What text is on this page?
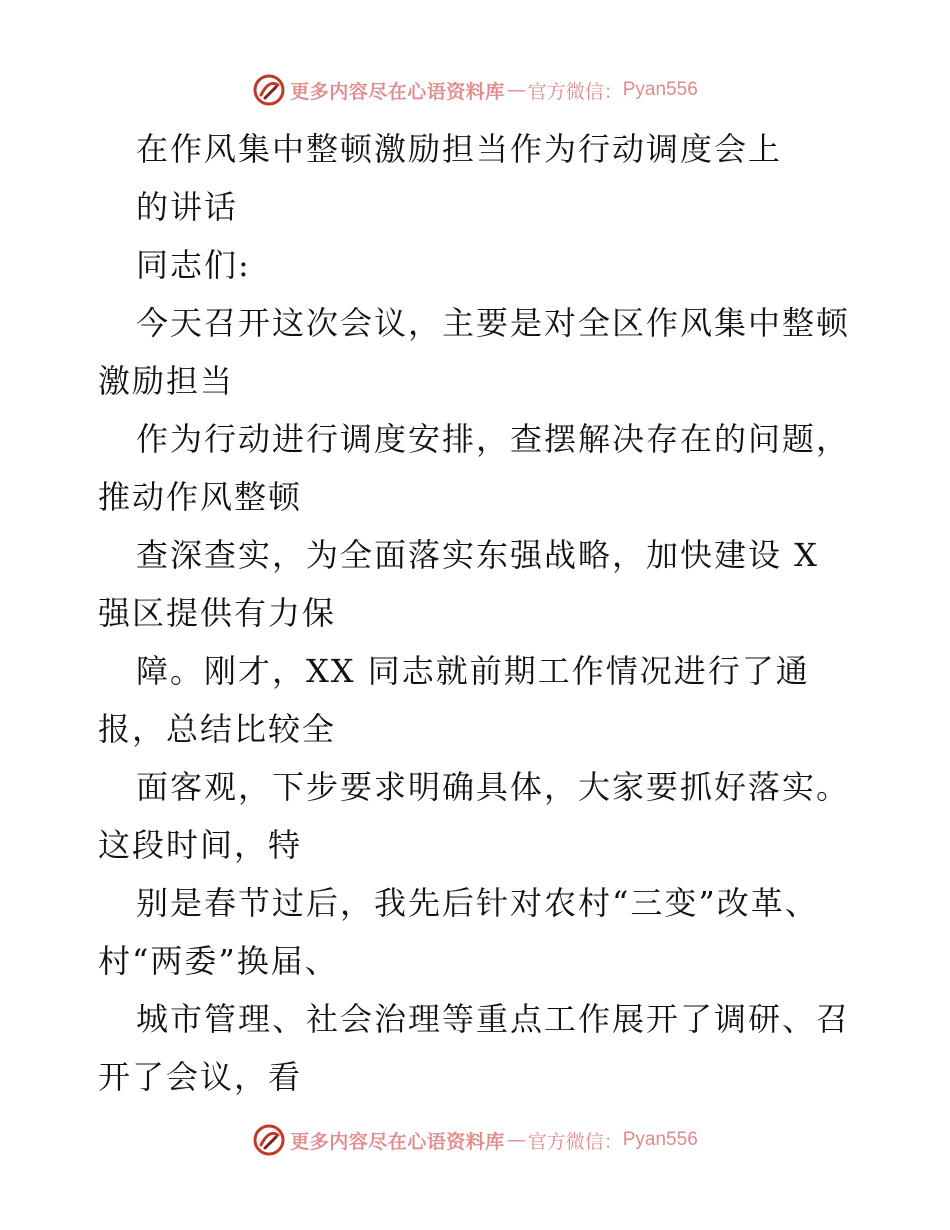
更多内容尽在心语资料库 — 官方微信： Pyan556
在作风集中整顿激励担当作为行动调度会上
的讲话
同志们:
今天召开这次会议，主要是对全区作风集中整顿
激励担当
作为行动进行调度安排，查摆解决存在的问题，
推动作风整顿
查深查实，为全面落实东强战略，加快建设 X
强区提供有力保
障。刚才，XX 同志就前期工作情况进行了通
报，总结比较全
面客观，下步要求明确具体，大家要抓好落实。
这段时间，特
别是春节过后，我先后针对农村“三变”改革、
村“两委”换届、
城市管理、社会治理等重点工作展开了调研、召
开了会议，看
更多内容尽在心语资料库 — 官方微信： Pyan556
